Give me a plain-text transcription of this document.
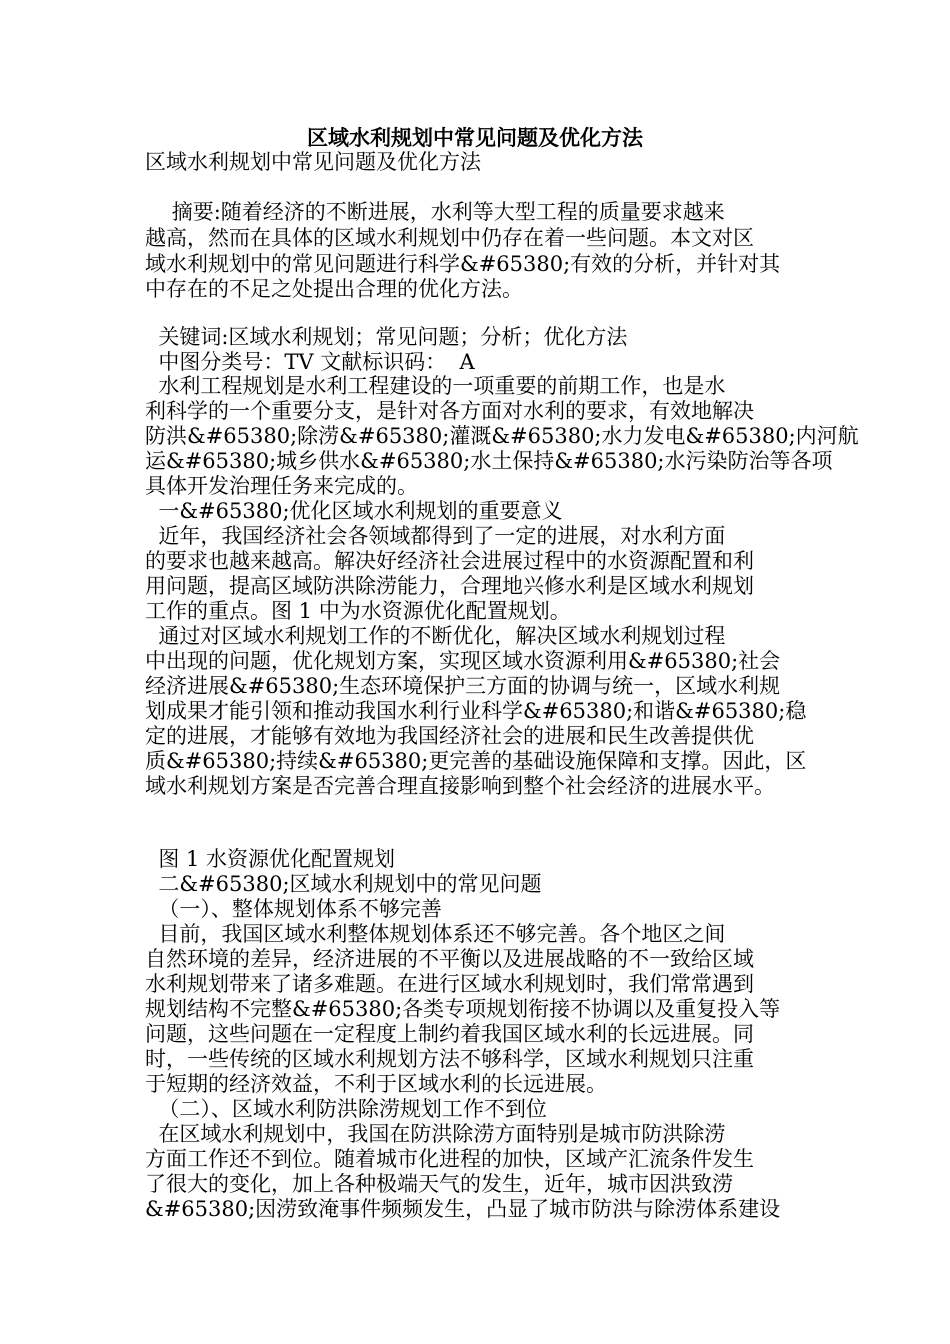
区域水利规划中常见问题及优化方法
区域水利规划中常见问题及优化方法
摘要:随着经济的不断进展，水利等大型工程的质量要求越来
越高，然而在具体的区域水利规划中仍存在着一些问题。本文对区
域水利规划中的常见问题进行科学&#65380;有效的分析，并针对其
中存在的不足之处提出合理的优化方法。
关键词:区域水利规划；常见问题；分析；优化方法
中图分类号：TV 文献标识码：  A
水利工程规划是水利工程建设的一项重要的前期工作，也是水
利科学的一个重要分支，是针对各方面对水利的要求，有效地解决
防洪&#65380;除涝&#65380;灌溉&#65380;水力发电&#65380;内河航
运&#65380;城乡供水&#65380;水土保持&#65380;水污染防治等各项
具体开发治理任务来完成的。
一&#65380;优化区域水利规划的重要意义
近年，我国经济社会各领域都得到了一定的进展，对水利方面
的要求也越来越高。解决好经济社会进展过程中的水资源配置和利
用问题，提高区域防洪除涝能力，合理地兴修水利是区域水利规划
工作的重点。图 1 中为水资源优化配置规划。
通过对区域水利规划工作的不断优化，解决区域水利规划过程
中出现的问题，优化规划方案，实现区域水资源利用&#65380;社会
经济进展&#65380;生态环境保护三方面的协调与统一，区域水利规
划成果才能引领和推动我国水利行业科学&#65380;和谐&#65380;稳
定的进展，才能够有效地为我国经济社会的进展和民生改善提供优
质&#65380;持续&#65380;更完善的基础设施保障和支撑。因此，区
域水利规划方案是否完善合理直接影响到整个社会经济的进展水平。
图 1 水资源优化配置规划
二&#65380;区域水利规划中的常见问题
（一）、整体规划体系不够完善
目前，我国区域水利整体规划体系还不够完善。各个地区之间
自然环境的差异，经济进展的不平衡以及进展战略的不一致给区域
水利规划带来了诸多难题。在进行区域水利规划时，我们常常遇到
规划结构不完整&#65380;各类专项规划衔接不协调以及重复投入等
问题，这些问题在一定程度上制约着我国区域水利的长远进展。同
时，一些传统的区域水利规划方法不够科学，区域水利规划只注重
于短期的经济效益，不利于区域水利的长远进展。
（二）、区域水利防洪除涝规划工作不到位
在区域水利规划中，我国在防洪除涝方面特别是城市防洪除涝
方面工作还不到位。随着城市化进程的加快，区域产汇流条件发生
了很大的变化，加上各种极端天气的发生，近年，城市因洪致涝
&#65380;因涝致淹事件频频发生，凸显了城市防洪与除涝体系建设
